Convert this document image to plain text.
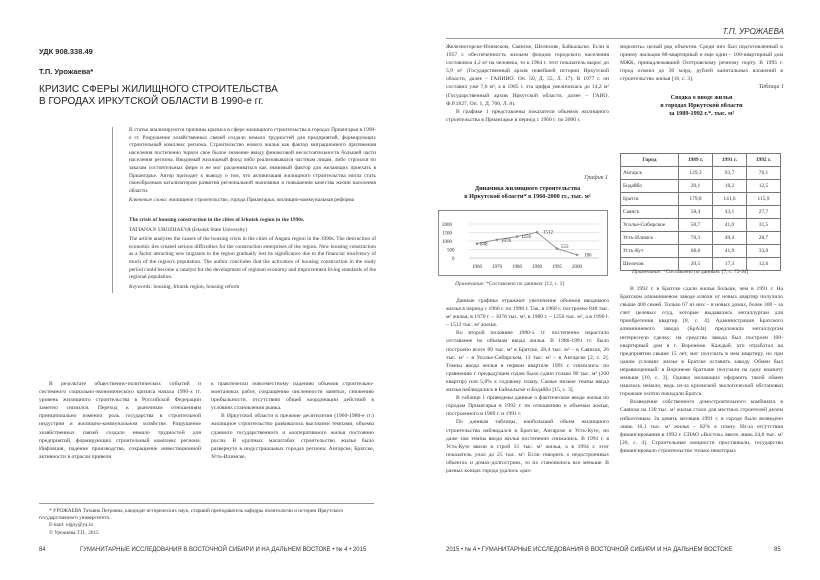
УДК 908.338.49
Т.П. Урожаева*
КРИЗИС СФЕРЫ ЖИЛИЩНОГО СТРОИТЕЛЬСТВА
В ГОРОДАХ ИРКУТСКОЙ ОБЛАСТИ В 1990-е гг.

В статье анализируются причины кризиса в сфере жилищного строительства в городах Приангарья в 1990-е гг. Разрушение хозяйственных связей создало немало трудностей для предприятий, формирующих строительный комплекс региона. Строительство нового жилья как фактор миграционного притяжения населения постепенно теряло свое былое значение ввиду финансовой несостоятельности большей части населения региона. Вводимый жилищный фонд либо реализовывался частным лицам, либо строился по заказам состоятельных фирм и не мог расцениваться как значимый фактор для желающих приехать в Приангарье. Автор приходит к выводу о том, что активизация жилищного строительства могла стать своеобразным катализатором развития региональной экономики и повышения качества жизни населения области.

Ключевые слова: жилищное строительство, города Приангарья, жилищно-коммунальная реформа

The crisis of housing construction in the cities of Irkutsk region in the 1990s.

TATIANA P. UROZHAEVA (Irkutsk State University)

The article analyzes the causes of the housing crisis in the cities of Angara region in the 1990s. The destruction of economic ties created serious difficulties for the construction enterprises of the region. New housing construction as a factor attracting new migrants to the region gradually lost its significance due to the financial insolvency of much of the region's population. The author concludes that the activation of housing construction in the study period could become a catalyst for the development of regional economy and improvement living standards of the regional population.

Keywords: housing, Irkutsk region, housing reform

В результате общественно-политических событий и системного социально-экономического кризиса начала 1990-х гг. уровень жилищного строительства в Российской Федерации заметно снизился. Переход к рыночным отношениям принципиально изменил роль государства в строительной индустрии и жилищно-коммунальном хозяйстве. Разрушение хозяйственных связей создало немало трудностей для предприятий, формирующих строительный комплекс региона. Инфляция, падение производства, сокращение инвестиционной активности в отрасли привели

к практически повсеместному падению объемов строительно-монтажных работ, сокращению численности занятых, снижению прибыльности, отсутствию общей координации действий в условиях становления рынка.

В Иркутской области в прежние десятилетия (1960-1980-е гг.) жилищное строительство развивалось высокими темпами, объемы сданного государственного и кооперативного жилья постоянно росли. В крупных масштабах строительство жилья было развернуто в индустриальных городах региона: Ангарске, Братске, Усть-Илимске,

* УРОЖАЕВА Татьяна Петровна, кандидат исторических наук, старший преподаватель кафедры политологии и истории Иркутского государственного университета.

E-mail: olgoy@ya.ru

© Урожаева Т.П., 2015

84	ГУМАНИТАРНЫЕ ИССЛЕДОВАНИЯ В ВОСТОЧНОЙ СИБИРИ И НА ДАЛЬНЕМ ВОСТОКЕ • № 4 • 2015
Т.П. УРОЖАЕВА

Железногорске-Илимском, Саянске, Шелехове, Байкальске. Если в 1957 г. обеспеченность жильем фондом городского населения составляла 4,2 м² на человека, то к 1964 г. этот показатель вырос до 5,9 м² (Государственный архив новейшей истории Иркутской области, далее – ГАНИИО. Оп. 50, Д. 55, Л. 17). В 1977 г. он составил уже 7,6 м², а в 1985 г. эта цифра увеличилась до 14,2 м² (Государственный архив Иркутской области, далее – ГАИО. Ф.Р.1827, Оп. 1, Д. 706, Л. 8).

В графике 1 представлены показатели объемов жилищного строительства в Приангарье в период с 1960 г. по 2000 г.

График 1
Динамика жилищного строительства
в Иркутской области* в 1960-2000 гг., тыс. м²
2000
1500
1000
500
0
1960 1970 1980 1990 1995 2000
848
1078
1256
1512
553
186
Примечание: *Составлено по данным: [12, с. 2]

Данные графика отражают увеличение объемов вводимого жилья в период с 1960 г. по 1990 г. Так, в 1968 г. построено 848 тыс. м² жилья, в 1970 г. – 1078 тыс. м², в 1980 г. – 1256 тыс. м², а в 1990 г. – 1512 тыс. м² жилья.

Во второй половине 1980-х гг. постепенно нарастало отставание по объемам ввода жилья. В 1986-1991 гг. было построено всего 89 тыс. м² в Братске, 28,4 тыс. м² – в Саянске, 26 тыс. м² – в Усолье-Сибирском, 13 тыс. м² – в Ангарске [2, с. 2]. Темпы ввода жилья в первом квартале 1991 г. снизились: по сравнению с предыдущим годом было сдано только 90 тыс. м² (260 квартир) или 5,8% к годовому плану. Самые низкие темпы ввода жилья наблюдались в Байкальске и Бодайбо [15, с. 3].

В таблице 1 приведены данные о фактическом вводе жилья по городам Приангарья в 1992 г. по отношению к объемам жилья, построенного в 1989 г. и 1991 г.

По данным таблицы, наибольший объем жилищного строительства наблюдался в Братске, Ангарске и Усть-Куте, но даже там темпы ввода жилья постепенно снижались. В 1991 г. в Усть-Куте ввели в строй 31 тыс. м² жилья, а в 1994 г. этот показатель упал до 25 тыс. м². Если говорить о недостроенных объектах и домах-долгостроях, то их становилось все меньше. В разных концах города удалось «раз-

морозить» целый ряд объектов. Среди них был подготовленный к приему жильцов 88-квартирный и еще один – 100-квартирный дом МЖК, принадлежавший Осетровскому речному порту. В 1995 г. город освоил до 30 млрд. рублей капитальных вложений в строительство жилья [16, с. 3].

Таблица 1
Сводка о вводе жилья
в городах Иркутской области
за 1989-1992 г.*, тыс. м²
Город	1989 г.	1991 г.	1992 г.
Ангарск	129,3	93,7	76,1
Бодайбо	20,1	16,2	12,5
Братск	179,8	141,6	115,9
Саянск	58,4	43,1	27,7
Усолье-Сибирское	50,7	41,0	31,5
Усть-Илимск	70,3	49,4	28,7
Усть-Кут	68,6	41,9	33,0
Шелехов	20,5	17,3	12,6
Примечание: *Составлено по данным: [7, с. 72-94]

В 1992 г. в Братске сдали жилья больше, чем в 1991 г. На Братском алюминиевом заводе ключи от новых квартир получило свыше 400 семей. Только 67 из них – в новых домах, более 300 – за счет целевых ссуд, которые выдавались металлургам для приобретения квартир [8, с. 4]. Администрация Братского алюминиевого завода (БрАЗа) предложила металлургам интересную сделку: на средства завода был построен 100-квартирный дом в г. Воронеже. Каждый, кто отработал на предприятии свыше 15 лет, мог получить в нем квартиру, но при одном условии: жилье в Братске оставить заводу. Обмен был неравноценный: в Воронеже братчане получали на одну комнату меньше [10, с. 3]. Однако желающих оформить такой обмен нашлось немало, ведь из-за кризисной экологической обстановки горожане охотно покидали Братск.

Возведение собственного домостроительного комбината в Саянске на 130 тыс. м² жилья стало для местных строителей делом избыточным. За девять месяцев 1991 г. в городе было возведено лишь 16,1 тыс. м² жилья – 82% к плану. Из-за отсутствия финансирования в 1992 г. СПАО «Восток» ввело лишь 24,8 тыс. м² [20, с. 4]. Строительные мощности простаивали, государство финансировало строительство только некоторых

2015 • № 4 • ГУМАНИТАРНЫЕ ИССЛЕДОВАНИЯ В ВОСТОЧНОЙ СИБИРИ И НА ДАЛЬНЕМ ВОСТОКЕ	85
